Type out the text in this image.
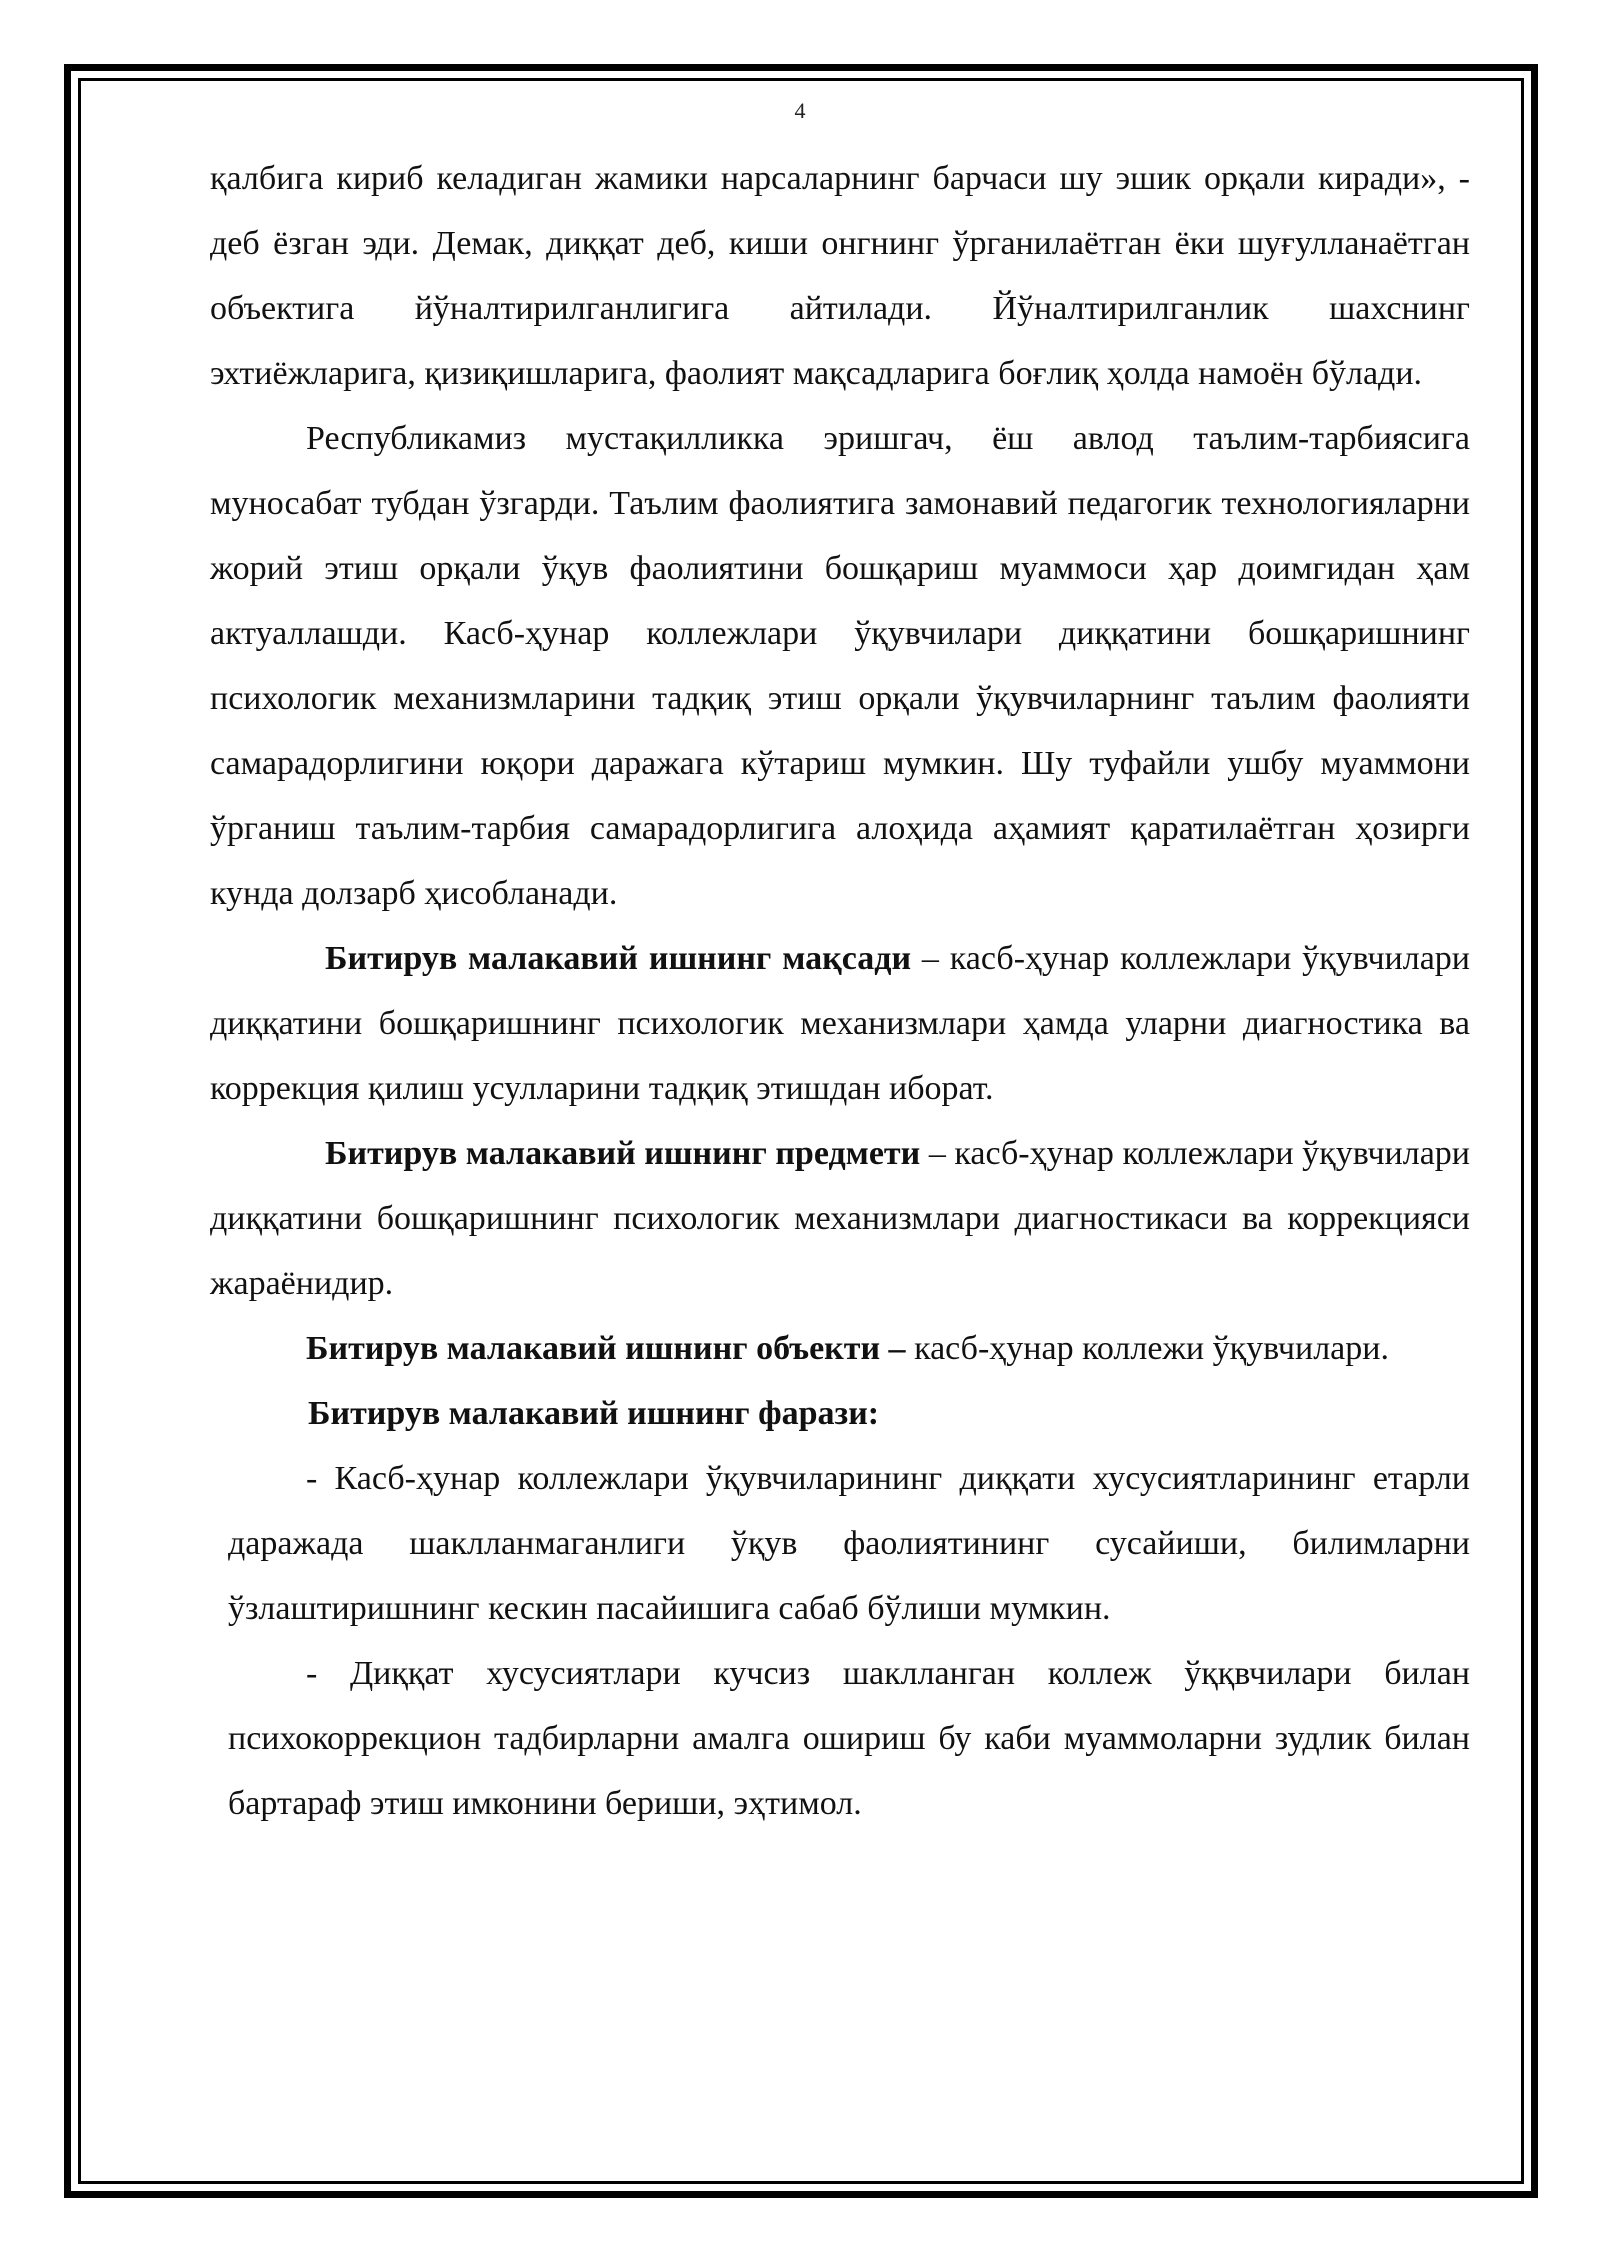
4

қалбига кириб келадиган жамики нарсаларнинг барчаси шу эшик орқали киради», - деб ёзган эди. Демак, диққат деб, киши онгнинг ўрганилаётган ёки шуғулланаётган объектига йўналтирилганлигига айтилади. Йўналтирилганлик шахснинг эхтиёжларига, қизиқишларига, фаолият мақсадларига боғлиқ ҳолда намоён бўлади.

Республикамиз мустақилликка эришгач, ёш авлод таълим-тарбиясига муносабат тубдан ўзгарди. Таълим фаолиятига замонавий педагогик технологияларни жорий этиш орқали ўқув фаолиятини бошқариш муаммоси ҳар доимгидан ҳам актуаллашди. Касб-ҳунар коллежлари ўқувчилари диққатини бошқаришнинг психологик механизмларини тадқиқ этиш орқали ўқувчиларнинг таълим фаолияти самарадорлигини юқори даражага кўтариш мумкин. Шу туфайли ушбу муаммони ўрганиш таълим-тарбия самарадорлигига алоҳида аҳамият қаратилаётган ҳозирги кунда долзарб ҳисобланади.

Битирув малакавий ишнинг мақсади – касб-ҳунар коллежлари ўқувчилари диққатини бошқаришнинг психологик механизмлари ҳамда уларни диагностика ва коррекция қилиш усулларини тадқиқ этишдан иборат.

Битирув малакавий ишнинг предмети – касб-ҳунар коллежлари ўқувчилари диққатини бошқаришнинг психологик механизмлари диагностикаси ва коррекцияси жараёнидир.

Битирув малакавий ишнинг объекти – касб-ҳунар коллежи ўқувчилари.

Битирув малакавий ишнинг фарази:

- Касб-ҳунар коллежлари ўқувчиларининг диққати хусусиятларининг етарли даражада шаклланмаганлиги ўқув фаолиятининг сусайиши, билимларни ўзлаштиришнинг кескин пасайишига сабаб бўлиши мумкин.

- Диққат хусусиятлари кучсиз шаклланган коллеж ўққвчилари билан психокоррекцион тадбирларни амалга ошириш бу каби муаммоларни зудлик билан бартараф этиш имконини бериши, эҳтимол.
